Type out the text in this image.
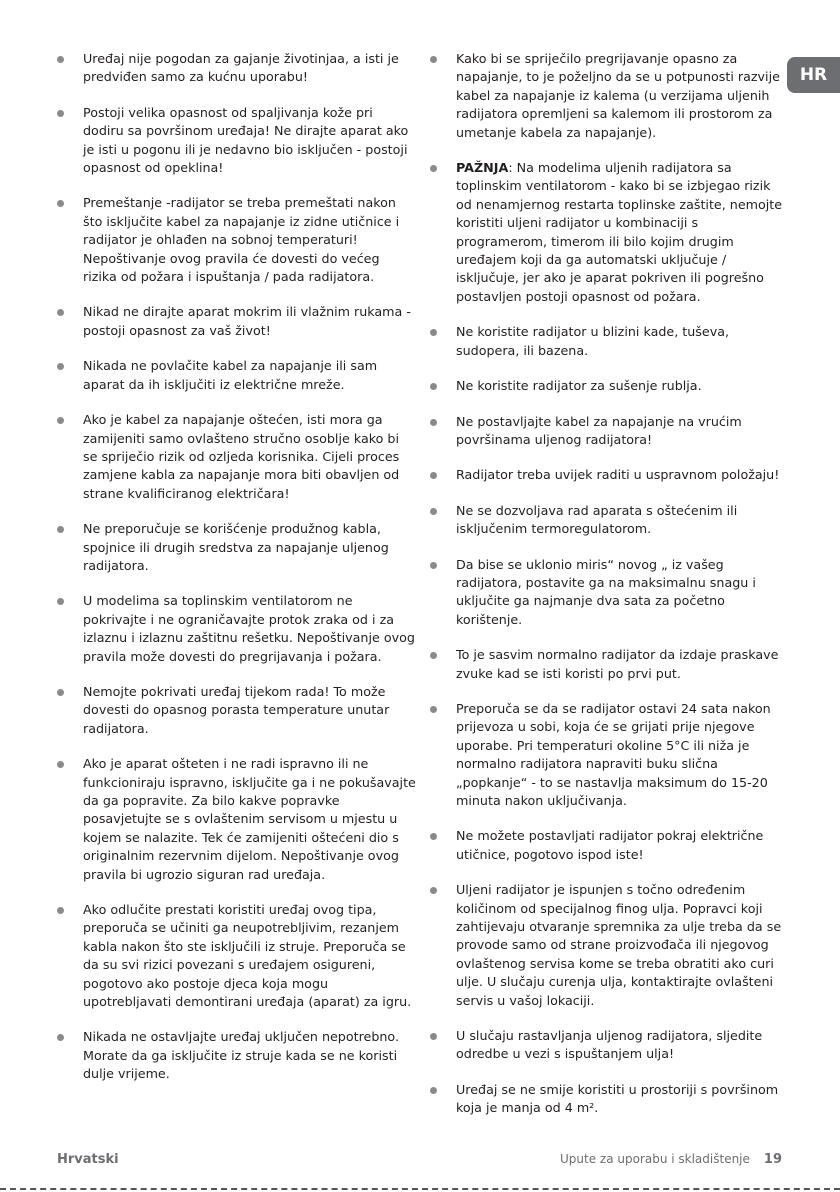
Uređaj nije pogodan za gajanje životinjaa, a isti je predviđen samo za kućnu uporabu!
Postoji velika opasnost od spaljivanja kože pri dodiru sa površinom uređaja! Ne dirajte aparat ako je isti u pogonu ili je nedavno bio isključen - postoji opasnost od opeklina!
Premeštanje -radijator se treba premeštati nakon što isključite kabel za napajanje iz zidne utičnice i radijator je ohlađen na sobnoj temperaturi! Nepoštivanje ovog pravila će dovesti do većeg rizika od požara i ispuštanja / pada radijatora.
Nikad ne dirajte aparat mokrim ili vlažnim rukama - postoji opasnost za vaš život!
Nikada ne povlačite kabel za napajanje ili sam aparat da ih isključiti iz električne mreže.
Ako je kabel za napajanje oštećen, isti mora ga zamijeniti samo ovlašteno stručno osoblje kako bi se spriječio rizik od ozljeda korisnika. Cijeli proces zamjene kabla za napajanje mora biti obavljen od strane kvalificiranog električara!
Ne preporučuje se korišćenje produžnog kabla, spojnice ili drugih sredstva za napajanje uljenog radijatora.
U modelima sa toplinskim ventilatorom ne pokrivajte i ne ograničavajte protok zraka od i za izlaznu i izlaznu zaštitnu rešetku. Nepoštivanje ovog pravila može dovesti do pregrijavanja i požara.
Nemojte pokrivati uređaj tijekom rada! To može dovesti do opasnog porasta temperature unutar radijatora.
Ako je aparat ošteten i ne radi ispravno ili ne funkcioniraju ispravno, isključite ga i ne pokušavajte da ga popravite. Za bilo kakve popravke posavjetujte se s ovlaštenim servisom u mjestu u kojem se nalazite. Tek će zamijeniti oštećeni dio s originalnim rezervnim dijelom. Nepoštivanje ovog pravila bi ugrozio siguran rad uređaja.
Ako odlučite prestati koristiti uređaj ovog tipa, preporuča se učiniti ga neupotrebljivim, rezanjem kabla nakon što ste isključili iz struje. Preporuča se da su svi rizici povezani s uređajem osigureni, pogotovo ako postoje djeca koja mogu upotrebljavati demontirani uređaja (aparat) za igru.
Nikada ne ostavljajte uređaj uključen nepotrebno. Morate da ga isključite iz struje kada se ne koristi dulje vrijeme.
Kako bi se spriječilo pregrijavanje opasno za napajanje, to je poželjno da se u potpunosti razvije kabel za napajanje iz kalema (u verzijama uljenih radijatora opremljeni sa kalemom ili prostorom za umetanje kabela za napajanje).
PAŽNJA: Na modelima uljenih radijatora sa toplinskim ventilatorom - kako bi se izbjegao rizik od nenamjernog restarta toplinske zaštite, nemojte koristiti uljeni radijator u kombinaciji s programerom, timerom ili bilo kojim drugim uređajem koji da ga automatski uključuje / isključuje, jer ako je aparat pokriven ili pogrešno postavljen postoji opasnost od požara.
Ne koristite radijator u blizini kade, tuševa, sudopera, ili bazena.
Ne koristite radijator za sušenje rublja.
Ne postavljajte kabel za napajanje na vrućim površinama uljenog radijatora!
Radijator treba uvijek raditi u uspravnom položaju!
Ne se dozvoljava rad aparata s oštećenim ili isključenim termoregulatorom.
Da bise se uklonio miris“ novog „ iz vašeg radijatora, postavite ga na maksimalnu snagu i uključite ga najmanje dva sata za početno korištenje.
To je sasvim normalno radijator da izdaje praskave zvuke kad se isti koristi po prvi put.
Preporuča se da se radijator ostavi 24 sata nakon prijevoza u sobi, koja će se grijati prije njegove uporabe. Pri temperaturi okoline 5°C ili niža je normalno radijatora napraviti buku slična „popkanje“ - to se nastavlja maksimum do 15-20 minuta nakon uključivanja.
Ne možete postavljati radijator pokraj električne utičnice, pogotovo ispod iste!
Uljeni radijator je ispunjen s točno određenim količinom od specijalnog finog ulja. Popravci koji zahtijevaju otvaranje spremnika za ulje treba da se provode samo od strane proizvođača ili njegovog ovlaštenog servisa kome se treba obratiti ako curi ulje. U slučaju curenja ulja, kontaktirajte ovlašteni servis u vašoj lokaciji.
U slučaju rastavljanja uljenog radijatora, sljedite odredbe u vezi s ispuštanjem ulja!
Uređaj se ne smije koristiti u prostoriji s površinom koja je manja od 4 m².
HR
Hrvatski	Upute za uporabu i skladištenje 19
